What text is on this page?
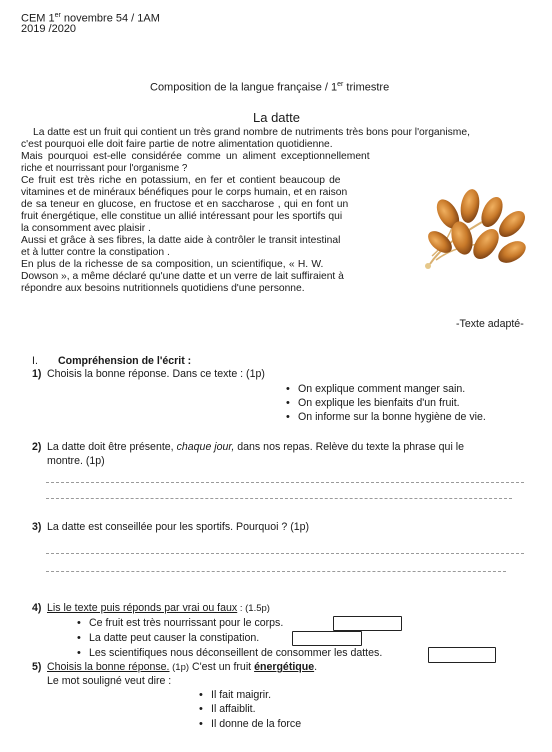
CEM 1er novembre 54 / 1AM
2019 /2020
Composition de la langue française / 1er trimestre
La datte
La datte est un fruit qui contient un très grand nombre de nutriments très bons pour l'organisme,
c'est pourquoi elle doit faire partie de notre alimentation quotidienne.
Mais pourquoi est-elle considérée comme un aliment exceptionnellement
riche et nourrissant pour l'organisme ?
Ce fruit est très riche en potassium, en fer et contient beaucoup de
vitamines et de minéraux bénéfiques pour le corps humain, et en raison
de sa teneur en glucose, en fructose et en saccharose , qui en font un
fruit énergétique, elle constitue un allié intéressant pour les sportifs qui
la consomment avec plaisir .
Aussi et grâce à ses fibres, la datte aide à contrôler le transit intestinal
et à lutter contre la constipation .
En plus de la richesse de sa composition, un scientifique, « H. W.
Dowson », a même déclaré qu'une datte et un verre de lait suffiraient à
répondre aux besoins nutritionnels quotidiens d'une personne.
-Texte adapté-
I. Compréhension de l'écrit :
1) Choisis la bonne réponse. Dans ce texte : (1p)
• On explique comment manger sain.
• On explique les bienfaits d'un fruit.
• On informe sur la bonne hygiène de vie.
2) La datte doit être présente, chaque jour, dans nos repas. Relève du texte la phrase qui le
montre. (1p)
3) La datte est conseillée pour les sportifs. Pourquoi ? (1p)
4) Lis le texte puis réponds par vrai ou faux : (1.5p)
• Ce fruit est très nourrissant pour le corps.
• La datte peut causer la constipation.
• Les scientifiques nous déconseillent de consommer les dattes.
5) Choisis la bonne réponse. (1p) C'est un fruit énergétique.
Le mot souligné veut dire :
• Il fait maigrir.
• Il affaiblit.
• Il donne de la force
